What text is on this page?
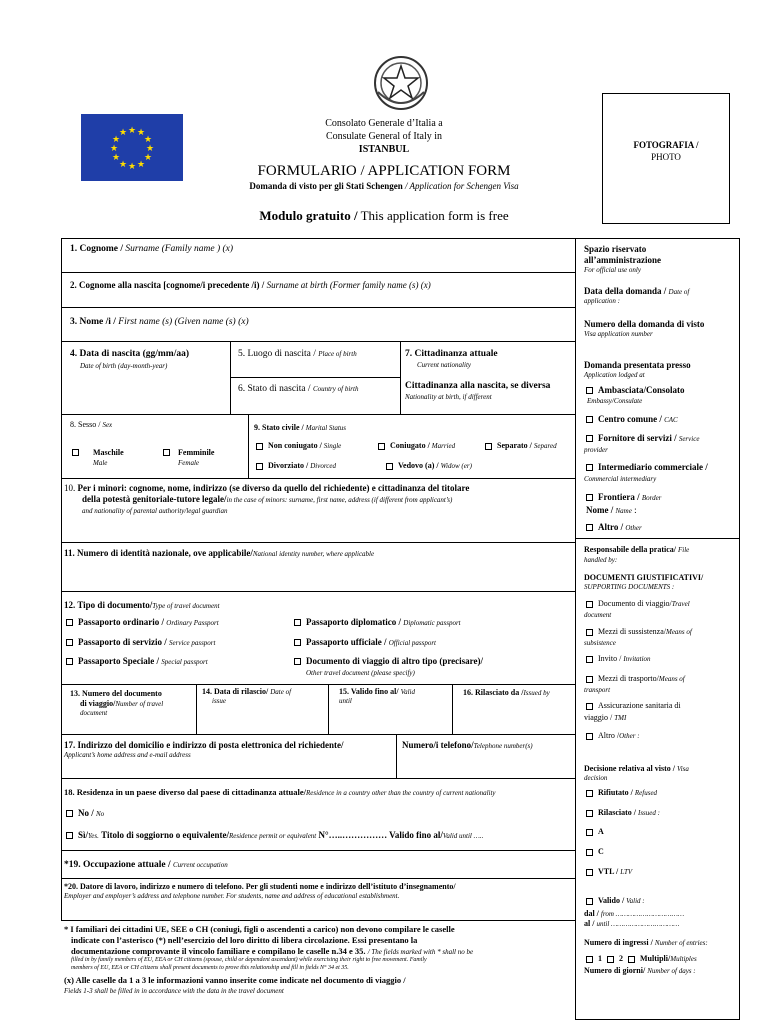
★ ★
★
★
★
★
★
★
★
★
★
★
Consolato Generale d’Italia a
Consulate General of Italy in
ISTANBUL
FORMULARIO / APPLICATION FORM
Domanda di visto per gli Stati Schengen / Application for Schengen Visa
Modulo gratuito / This application form is free
FOTOGRAFIA /
PHOTO
1. Cognome / Surname (Family name ) (x)
2. Cognome alla nascita [cognome/i precedente /i) / Surname at birth (Former family name (s) (x)
3. Nome /i / First name (s) (Given name (s) (x)
4. Data di nascita (gg/mm/aa)
Date of birth (day-month-year)
5. Luogo di nascita / Place of birth
6. Stato di nascita / Country of birth
7. Cittadinanza attuale
Current nationality
Cittadinanza alla nascita, se diversa
Nationality at birth, if different
8. Sesso / Sex
Maschile
Male
Femminile
Female
9. Stato civile / Marital Status
Non coniugato / Single	Coniugato / Married	Separato / Separed
Divorziato / Divorced	Vedovo (a) / Widow (er)
10. Per i minori: cognome, nome, indirizzo (se diverso da quello del richiedente) e cittadinanza del titolare
della potestà genitoriale-tutore legale/in the case of minors: surname, first name, address (if different from applicant’s)
and nationality of parental authority/legal guardian
11. Numero di identità nazionale, ove applicabile/National identity number, where applicable
12. Tipo di documento/Type of travel document
Passaporto ordinario / Ordinary Passport	Passaporto diplomatico / Diplomatic passport
Passaporto di servizio / Service passport	Passaporto ufficiale / Official passport
Passaporto Speciale / Special passport	Documento di viaggio di altro tipo (precisare)/
Other travel document (please specify)
13. Numero del documento
di viaggio/Number of travel
document
14. Data di rilascio/ Date of
issue
15. Valido fino al/ Valid
until
16. Rilasciato da /Issued by
17. Indirizzo del domicilio e indirizzo di posta elettronica del richiedente/
Applicant’s home address and e-mail address
Numero/i telefono/Telephone number(s)
18. Residenza in un paese diverso dal paese di cittadinanza attuale/Residence in a country other than the country of current nationality
No / No
Sì/Yes. Titolo di soggiorno o equivalente/Residence permit or equivalent N°…..…………… Valido fino al/Valid until …..
*19. Occupazione attuale / Current occupation
*20. Datore di lavoro, indirizzo e numero di telefono. Per gli studenti nome e indirizzo dell’istituto d’insegnamento/
Employer and employer’s address and telephone number. For students, name and address of educational establishment.
* I familiari dei cittadini UE, SEE o CH (coniugi, figli o ascendenti a carico) non devono compilare le caselle
indicate con l’asterisco (*) nell’esercizio del loro diritto di libera circolazione. Essi presentano la
documentazione comprovante il vincolo familiare e compilano le caselle n.34 e 35. / The fields marked with * shall no be
filled in by family members of EU, EEA or CH citizens (spouse, child or dependent ascendant) while exercising their right to free movement. Family
members of EU, EEA or CH citizens shall present documents to prove this relationship and fill in fields N° 34 et 35.
(x) Alle caselle da 1 a 3 le informazioni vanno inserite come indicate nel documento di viaggio /
Fields 1-3 shall be filled in in accordance with the data in the travel document
Spazio riservato
all’amministrazione
For official use only
Data della domanda / Date of
application :
Numero della domanda di visto
Visa application number
Domanda presentata presso
Application lodged at
Ambasciata/Consolato
Embassy/Consulate
Centro comune / CAC
Fornitore di servizi / Service
provider
Intermediario commerciale /
Commercial intermediary
Frontiera / Border
Nome / Name :
Altro / Other
Responsabile della pratica/ File
handled by:
DOCUMENTI GIUSTIFICATIVI/
SUPPORTING DOCUMENTS :
Documento di viaggio/Travel
document
Mezzi di sussistenza/Means of
subsistence
Invito / Invitation
Mezzi di trasporto/Means of
transport
Assicurazione sanitaria di
viaggio / TMI
Altro /Other :
Decisione relativa al visto / Visa
decision
Rifiutato / Refused
Rilasciato / Issued :
A
C
VTL / LTV
Valido / Valid :
dal / from ……………………………
al / until ……………………………
Numero di ingressi / Number of entries:
1 2 Multipli/Multiples
Numero di giorni/ Number of days :
